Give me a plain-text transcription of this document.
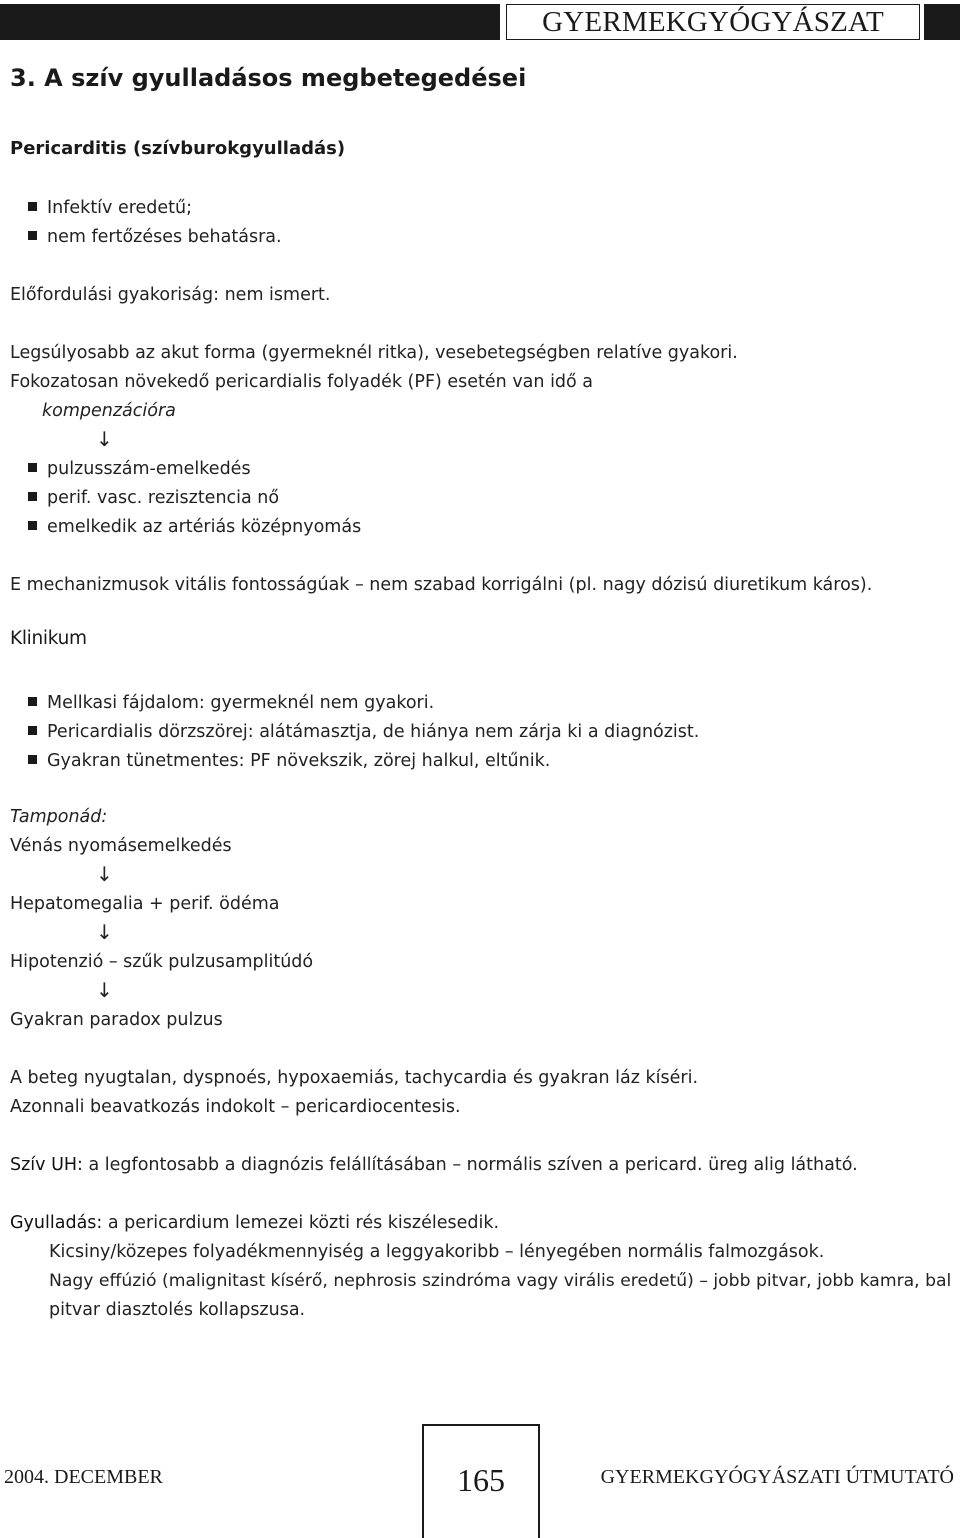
GYERMEKGYÓGYÁSZAT
3. A szív gyulladásos megbetegedései
Pericarditis (szívburokgyulladás)
Infektív eredetű;
nem fertőzéses behatásra.
Előfordulási gyakoriság: nem ismert.
Legsúlyosabb az akut forma (gyermeknél ritka), vesebetegségben relatíve gyakori.
Fokozatosan növekedő pericardialis folyadék (PF) esetén van idő a
kompenzációra
↓
pulzusszám-emelkedés
perif. vasc. rezisztencia nő
emelkedik az artériás középnyomás
E mechanizmusok vitális fontosságúak – nem szabad korrigálni (pl. nagy dózisú diuretikum káros).
Klinikum
Mellkasi fájdalom: gyermeknél nem gyakori.
Pericardialis dörzszörej: alátámasztja, de hiánya nem zárja ki a diagnózist.
Gyakran tünetmentes: PF növekszik, zörej halkul, eltűnik.
Tamponád:
Vénás nyomásemelkedés
↓
Hepatomegalia + perif. ödéma
↓
Hipotenzió – szűk pulzusamplitúdó
↓
Gyakran paradox pulzus
A beteg nyugtalan, dyspnoés, hypoxaemiás, tachycardia és gyakran láz kíséri.
Azonnali beavatkozás indokolt – pericardiocentesis.
Szív UH: a legfontosabb a diagnózis felállításában – normális szíven a pericard. üreg alig látható.
Gyulladás: a pericardium lemezei közti rés kiszélesedik.
Kicsiny/közepes folyadékmennyiség a leggyakoribb – lényegében normális falmozgások.
Nagy effúzió (malignitast kísérő, nephrosis szindróma vagy virális eredetű) – jobb pitvar, jobb kamra, bal
pitvar diasztolés kollapszusa.
2004. DECEMBER	165	GYERMEKGYÓGYÁSZATI ÚTMUTATÓ
